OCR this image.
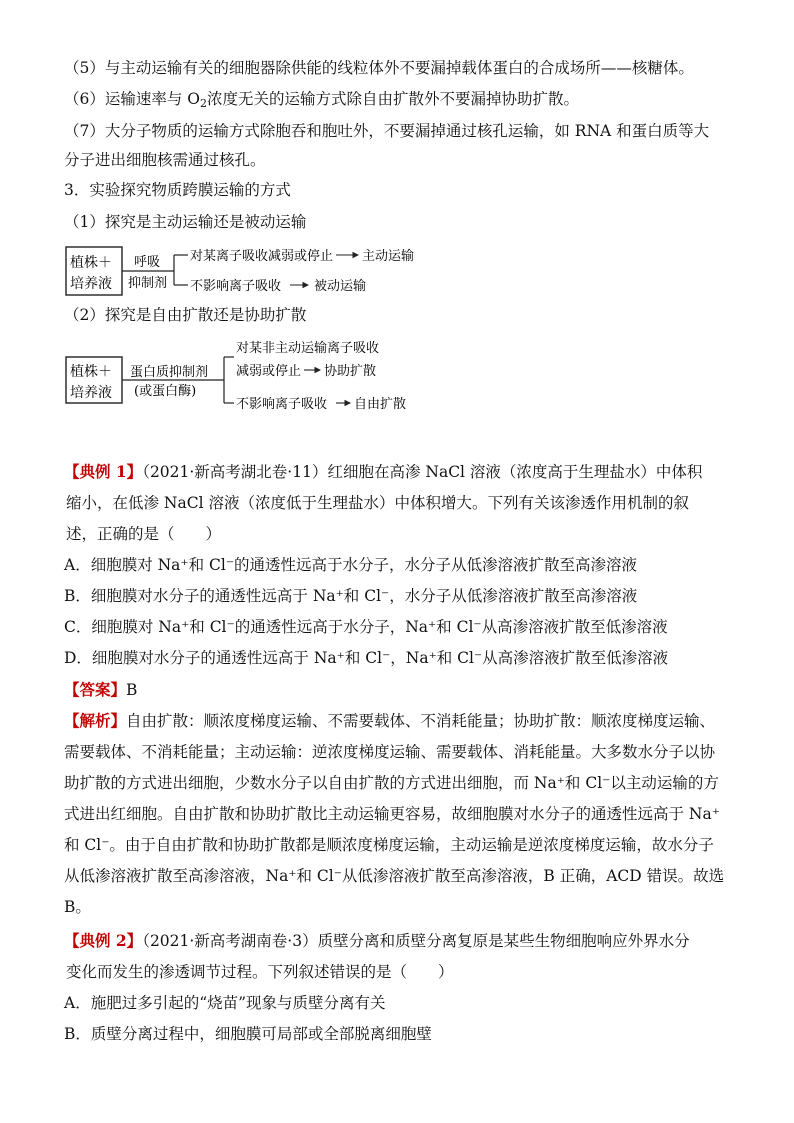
（5）与主动运输有关的细胞器除供能的线粒体外不要漏掉载体蛋白的合成场所——核糖体。
（6）运输速率与 $O_2$浓度无关的运输方式除自由扩散外不要漏掉协助扩散。
（7）大分子物质的运输方式除胞吞和胞吐外，不要漏掉通过核孔运输，如 RNA 和蛋白质等大
分子进出细胞核需通过核孔。
3．实验探究物质跨膜运输的方式
（1）探究是主动运输还是被动运输
植株＋
培养液
呼吸
抑制剂
对某离子吸收减弱或停止 主动运输
不影响离子吸收	被动运输
（2）探究是自由扩散还是协助扩散
植株＋
培养液
蛋白质抑制剂
(或蛋白酶)
对某非主动运输离子吸收
减弱或停止 协助扩散
不影响离子吸收 自由扩散
【典例 1】（2021·新高考湖北卷·11）红细胞在高渗 NaCl 溶液（浓度高于生理盐水）中体积
缩小，在低渗 NaCl 溶液（浓度低于生理盐水）中体积增大。下列有关该渗透作用机制的叙
述，正确的是（　　）
A．细胞膜对 Na⁺和 Cl⁻的通透性远高于水分子，水分子从低渗溶液扩散至高渗溶液
B．细胞膜对水分子的通透性远高于 Na⁺和 Cl⁻，水分子从低渗溶液扩散至高渗溶液
C．细胞膜对 Na⁺和 Cl⁻的通透性远高于水分子，Na⁺和 Cl⁻从高渗溶液扩散至低渗溶液
D．细胞膜对水分子的通透性远高于 Na⁺和 Cl⁻，Na⁺和 Cl⁻从高渗溶液扩散至低渗溶液
【答案】B
【解析】自由扩散：顺浓度梯度运输、不需要载体、不消耗能量；协助扩散：顺浓度梯度运输、
需要载体、不消耗能量；主动运输：逆浓度梯度运输、需要载体、消耗能量。大多数水分子以协
助扩散的方式进出细胞，少数水分子以自由扩散的方式进出细胞，而 Na⁺和 Cl⁻以主动运输的方
式进出红细胞。自由扩散和协助扩散比主动运输更容易，故细胞膜对水分子的通透性远高于 Na⁺
和 Cl⁻。由于自由扩散和协助扩散都是顺浓度梯度运输，主动运输是逆浓度梯度运输，故水分子
从低渗溶液扩散至高渗溶液，Na⁺和 Cl⁻从低渗溶液扩散至高渗溶液，B 正确，ACD 错误。故选
B。
【典例 2】（2021·新高考湖南卷·3）质壁分离和质壁分离复原是某些生物细胞响应外界水分
变化而发生的渗透调节过程。下列叙述错误的是（　　）
A．施肥过多引起的“烧苗”现象与质壁分离有关
B．质壁分离过程中，细胞膜可局部或全部脱离细胞壁
